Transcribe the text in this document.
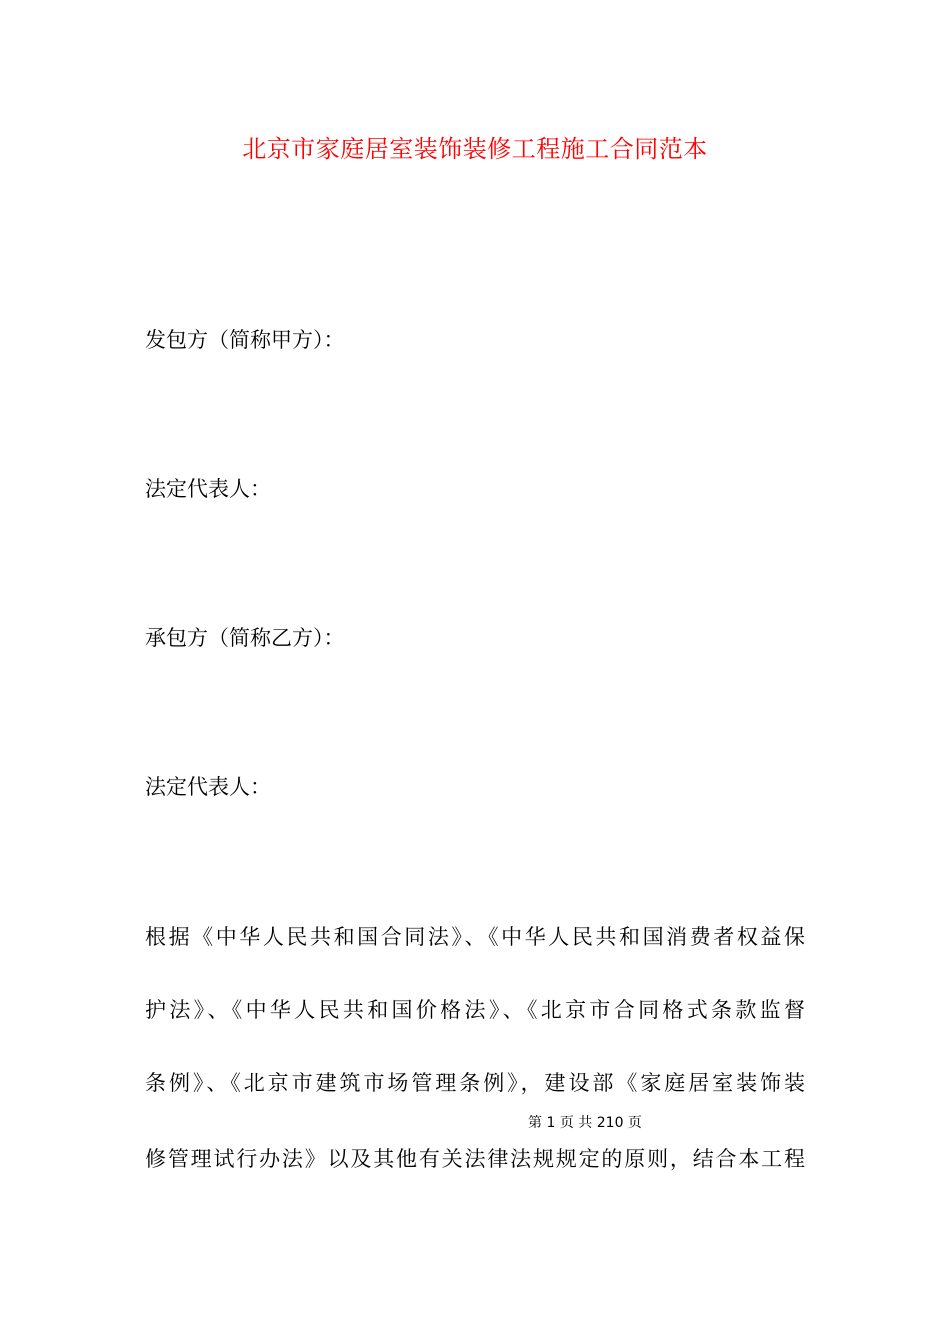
北京市家庭居室装饰装修工程施工合同范本
发包方（简称甲方）：
法定代表人：
承包方（简称乙方）：
法定代表人：
根据《中华人民共和国合同法》、《中华人民共和国消费者权益保
护法》、《中华人民共和国价格法》、《北京市合同格式条款监督
条例》、《北京市建筑市场管理条例》，建设部《家庭居室装饰装
第 1 页 共 210 页
修管理试行办法》以及其他有关法律法规规定的原则，结合本工程
